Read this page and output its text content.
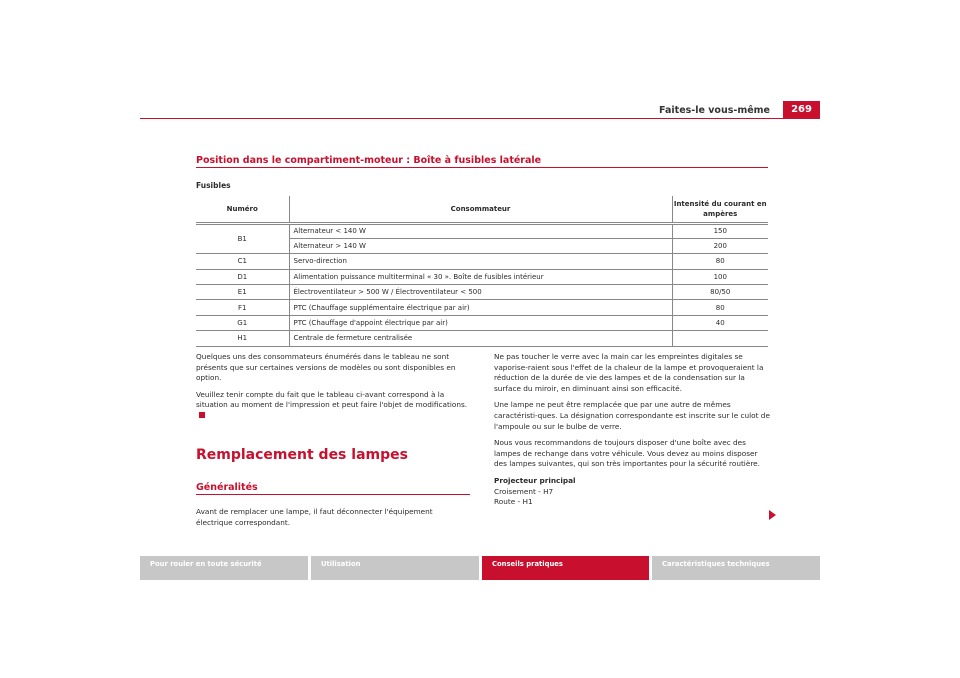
Faites-le vous-même	269
Position dans le compartiment-moteur : Boîte à fusibles latérale
Fusibles
Numéro	Consommateur	Intensité du courant en ampères
B1	Alternateur < 140 W	150
	Alternateur > 140 W	200
C1	Servo-direction	80
D1	Alimentation puissance multiterminal « 30 ». Boîte de fusibles intérieur	100
E1	Électroventilateur > 500 W / Électroventilateur < 500	80/50
F1	PTC (Chauffage supplémentaire électrique par air)	80
G1	PTC (Chauffage d'appoint électrique par air)	40
H1	Centrale de fermeture centralisée	

Quelques uns des consommateurs énumérés dans le tableau ne sont présents que sur certaines versions de modèles ou sont disponibles en option.

Veuillez tenir compte du fait que le tableau ci-avant correspond à la situation au moment de l'impression et peut faire l'objet de modifications.

Remplacement des lampes
Généralités
Avant de remplacer une lampe, il faut déconnecter l'équipement électrique correspondant.

Ne pas toucher le verre avec la main car les empreintes digitales se vaporise-raient sous l'effet de la chaleur de la lampe et provoqueraient la réduction de la durée de vie des lampes et de la condensation sur la surface du miroir, en diminuant ainsi son efficacité.

Une lampe ne peut être remplacée que par une autre de mêmes caractéristi-ques. La désignation correspondante est inscrite sur le culot de l'ampoule ou sur le bulbe de verre.

Nous vous recommandons de toujours disposer d'une boîte avec des lampes de rechange dans votre véhicule. Vous devez au moins disposer des lampes suivantes, qui son très importantes pour la sécurité routière.

Projecteur principal

Croisement - H7

Route - H1

Pour rouler en toute sécurité	Utilisation	Conseils pratiques	Caractéristiques techniques
